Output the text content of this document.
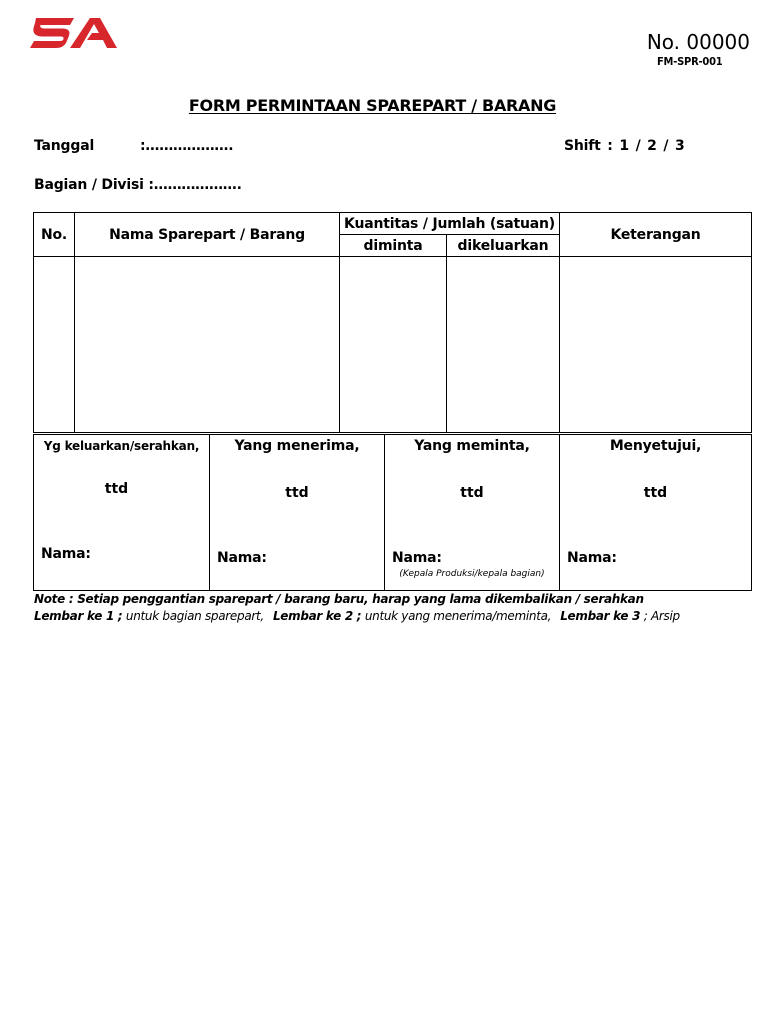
No. 00000
FM-SPR-001
FORM PERMINTAAN SPAREPART / BARANG
Tanggal	:……………….	Shift : 1 / 2 / 3
Bagian / Divisi :……………….
No.	Nama Sparepart / Barang	Kuantitas / Jumlah (satuan)		Keterangan
		diminta	dikeluarkan	

Yg keluarkan/serahkan,
ttd
Nama:

Yang menerima,
ttd
Nama:

Yang meminta,
ttd
Nama:
(Kepala Produksi/kepala bagian)

Menyetujui,
ttd
Nama:
Note : Setiap penggantian sparepart / barang baru, harap yang lama dikembalikan / serahkan
Lembar ke 1 ; untuk bagian sparepart, Lembar ke 2 ; untuk yang menerima/meminta, Lembar ke 3 ; Arsip
